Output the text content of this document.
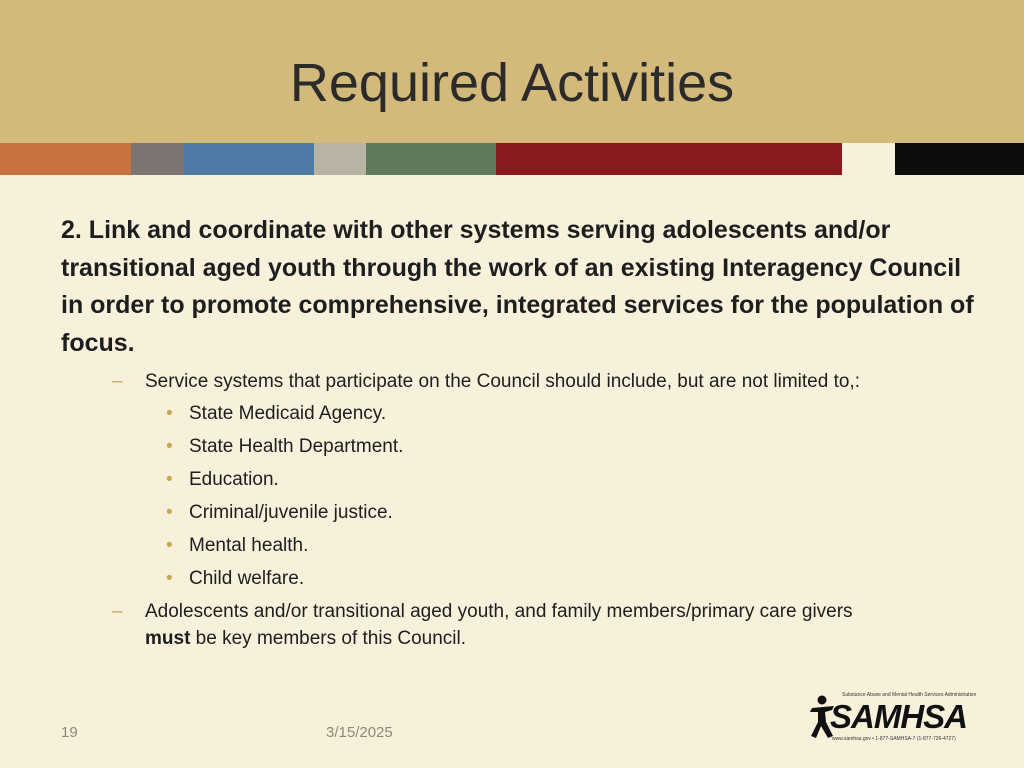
Required Activities

2. Link and coordinate with other systems serving adolescents and/or transitional aged youth through the work of an existing Interagency Council in order to promote comprehensive, integrated services for the population of focus.

– Service systems that participate on the Council should include, but are not limited to,:
• State Medicaid Agency.
• State Health Department.
• Education.
• Criminal/juvenile justice.
• Mental health.
• Child welfare.
– Adolescents and/or transitional aged youth, and family members/primary care givers
must be key members of this Council.
19	3/15/2025
Substance Abuse and Mental Health Services Administration
SAMHSA
www.samhsa.gov • 1-877-SAMHSA-7 (1-877-726-4727)
